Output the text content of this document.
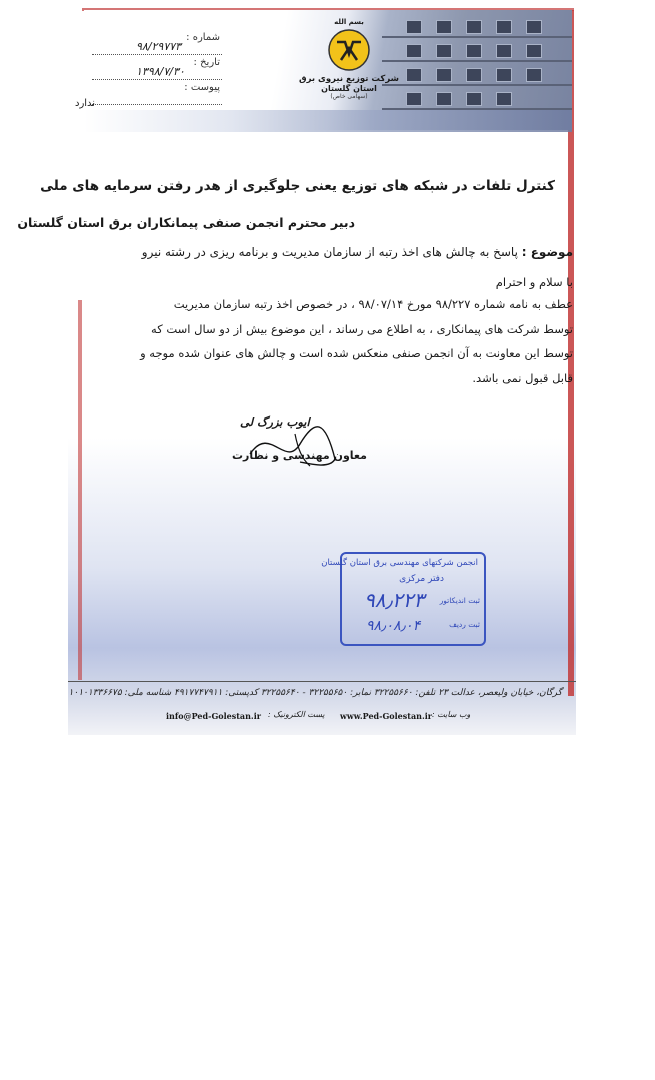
شماره :
۹۸/۲۹۷۷۳
تاریخ :
۱۳۹۸/۷/۳۰
پیوست :
ندارد
بسم الله
شرکت توزیع نیروی برق
استان گلستان
(سهامی خاص)
کنترل تلفات در شبکه های توزیع یعنی جلوگیری از هدر رفتن سرمایه های ملی
دبیر محترم انجمن صنفی پیمانکاران برق استان گلستان
موضوع : پاسخ به چالش های اخذ رتبه از سازمان مدیریت و برنامه ریزی در رشته نیرو
با سلام و احترام
عطف به نامه شماره ۹۸/۲۲۷ مورخ ۹۸/۰۷/۱۴ ، در خصوص اخذ رتبه سازمان مدیریت
توسط شرکت های پیمانکاری ، به اطلاع می رساند ، این موضوع بیش از دو سال است که
توسط این معاونت به آن انجمن صنفی منعکس شده است و چالش های عنوان شده موجه و
قابل قبول نمی باشد.
ایوب بزرگ لی
معاون مهندسی و نظارت
انجمن شرکتهای مهندسی برق استان گلستان
دفتر مرکزی
ثبت اندیکاتور
۹۸٫۲۲۳
ثبت ردیف
۹۸٫۰۸٫۰۴
گرگان، خیابان ولیعصر، عدالت ۲۳ تلفن: ۳۲۲۵۵۶۶۰ نمابر: ۳۲۲۵۵۶۵۰ - ۳۲۲۵۵۶۴۰ کدپستی: ۴۹۱۷۷۴۷۹۱۱ شناسه ملی: ۱۰۱۰۱۳۳۶۶۷۵
وب سایت :
www.Ped-Golestan.ir
پست الکترونیک :
info@Ped-Golestan.ir
